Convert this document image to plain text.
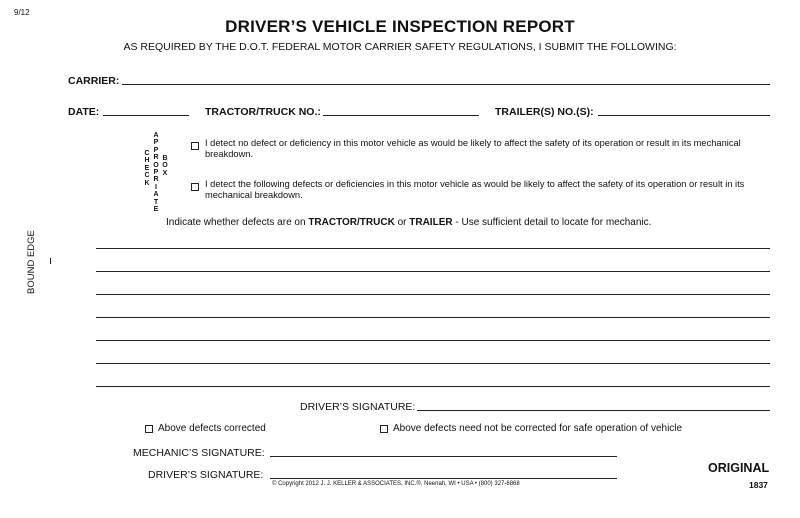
9/12
DRIVER’S VEHICLE INSPECTION REPORT
AS REQUIRED BY THE D.O.T. FEDERAL MOTOR CARRIER SAFETY REGULATIONS, I SUBMIT THE FOLLOWING:
CARRIER:
DATE:	TRACTOR/TRUCK NO.:	TRAILER(S) NO.(S):
C
H
E
C
K
A
P
P
R
O
P
R
I
A
T
E
B
O
X
I detect no defect or deficiency in this motor vehicle as would be likely to affect the safety of its operation or result in its mechanical breakdown.
I detect the following defects or deficiencies in this motor vehicle as would be likely to affect the safety of its operation or result in its mechanical breakdown.
Indicate whether defects are on TRACTOR/TRUCK or TRAILER - Use sufficient detail to locate for mechanic.
BOUND EDGE
DRIVER’S SIGNATURE:
Above defects corrected	Above defects need not be corrected for safe operation of vehicle
MECHANIC’S SIGNATURE:
DRIVER’S SIGNATURE:
© Copyright 2012 J. J. KELLER & ASSOCIATES, INC.®, Neenah, WI • USA • (800) 327-6868
ORIGINAL
1837
